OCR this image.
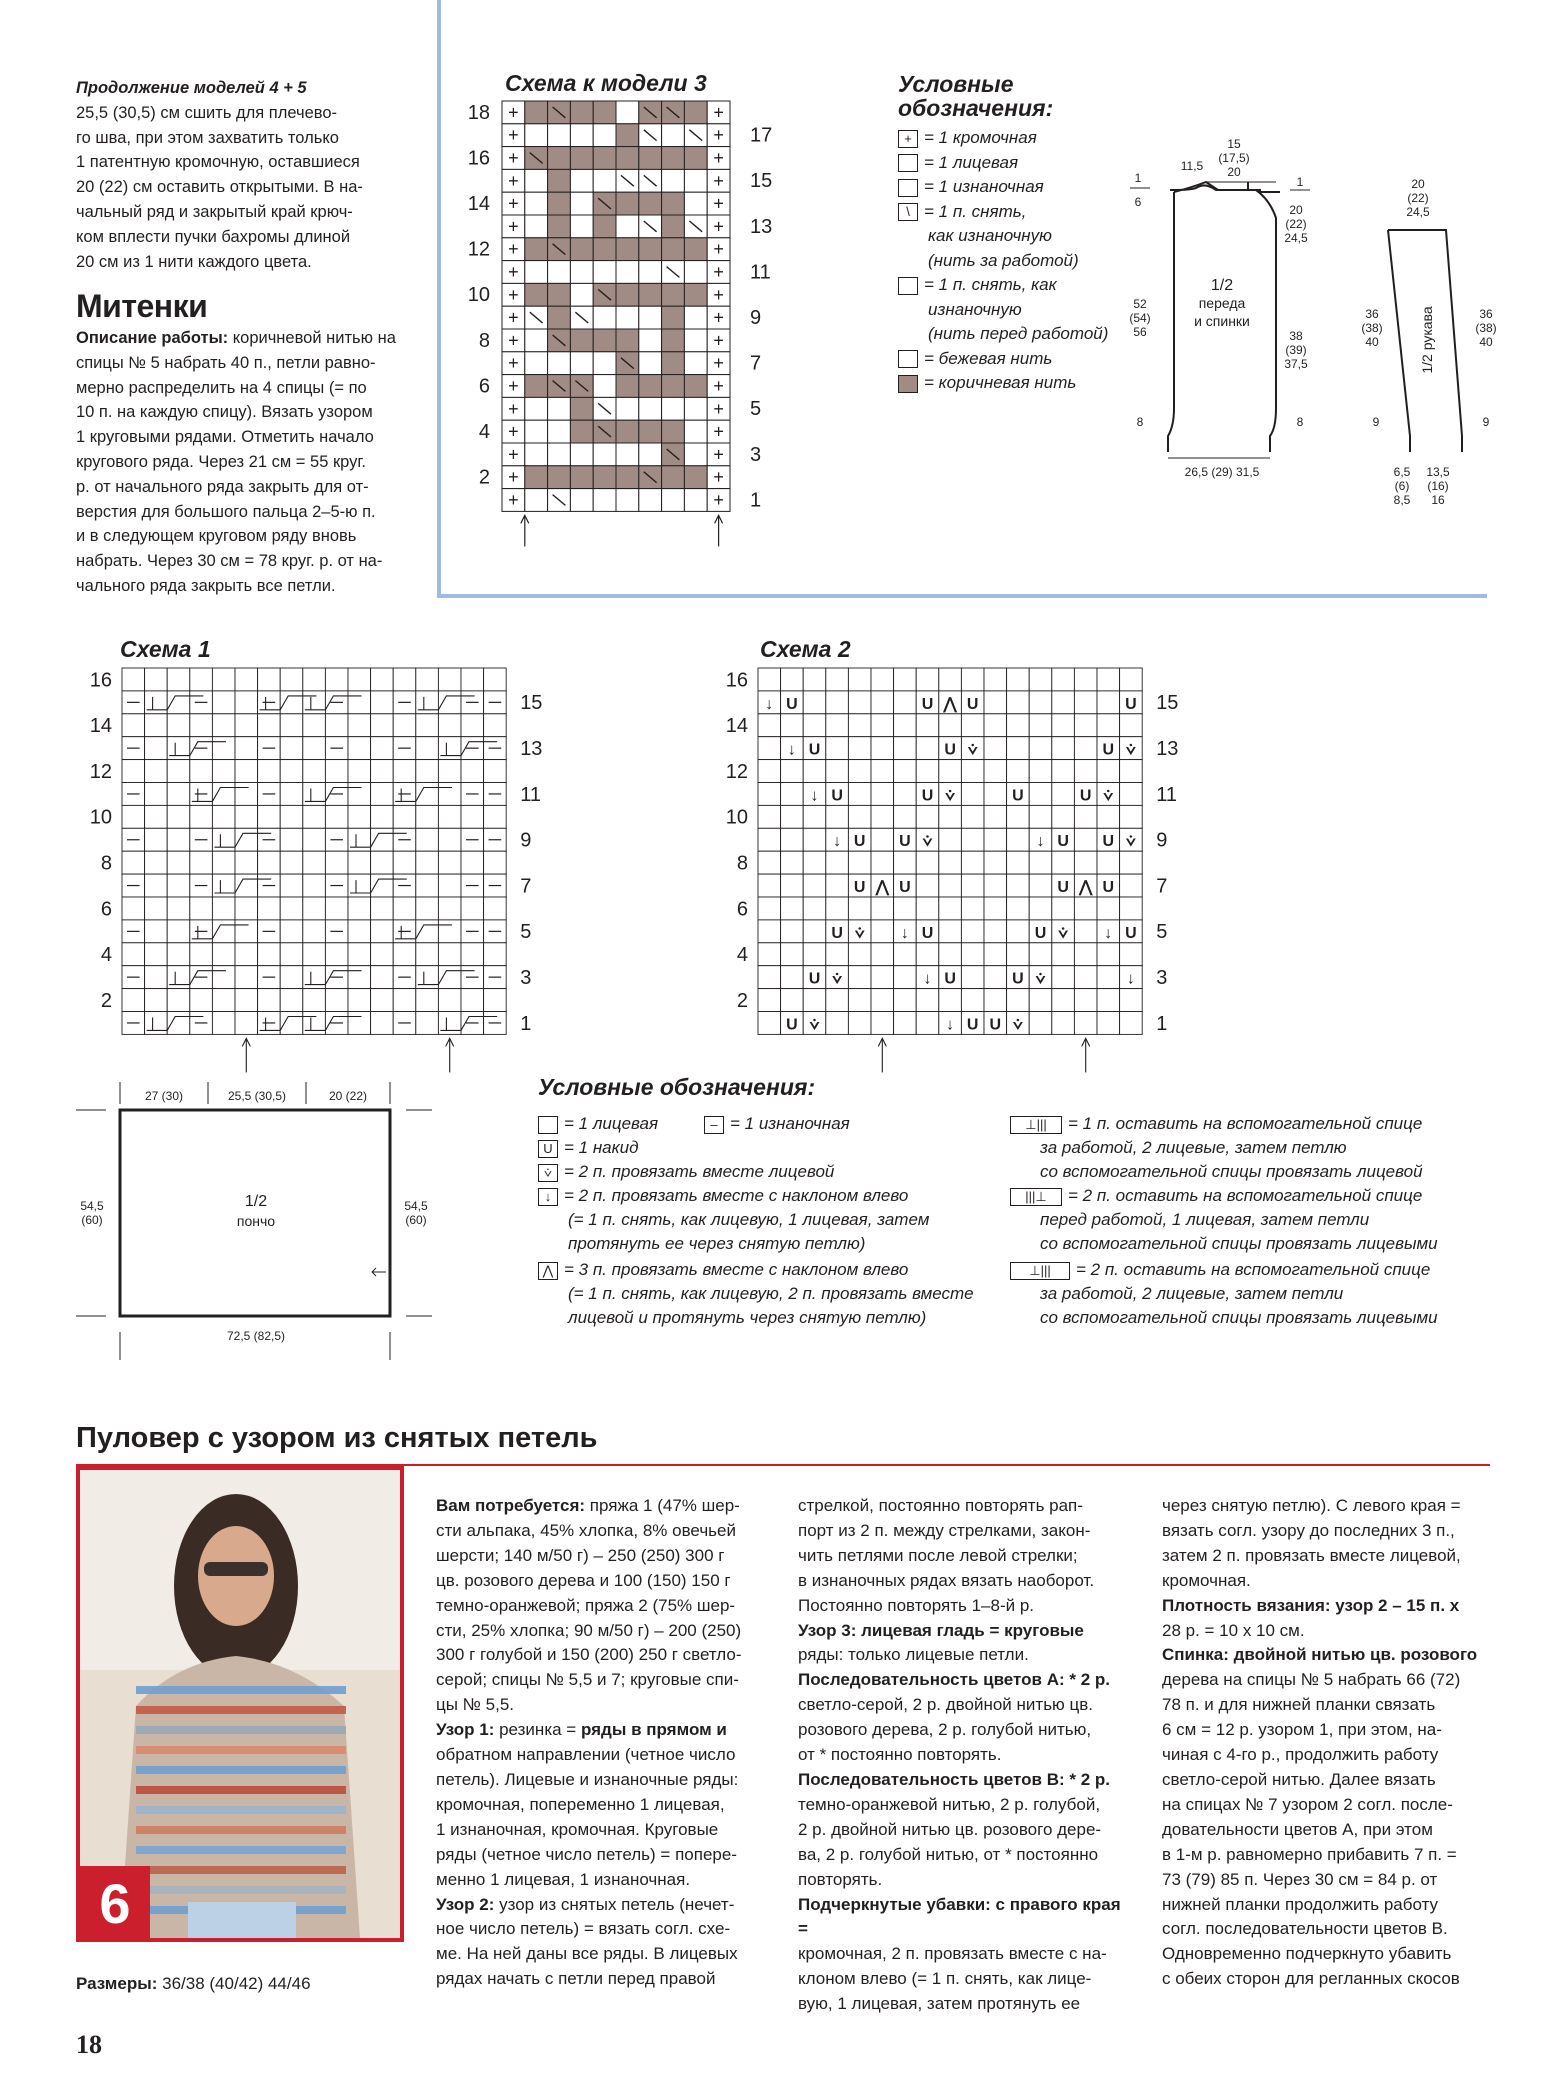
Продолжение моделей 4 + 5

25,5 (30,5) см сшить для плечево-
го шва, при этом захватить только
1 патентную кромочную, оставшиеся
20 (22) см оставить открытыми. В на-
чальный ряд и закрытый край крюч-
ком вплести пучки бахромы длиной
20 см из 1 нити каждого цвета.
Митенки
Описание работы: коричневой нитью на
спицы № 5 набрать 40 п., петли равно-
мерно распределить на 4 спицы (= по
10 п. на каждую спицу). Вязать узором
1 круговыми рядами. Отметить начало
кругового ряда. Через 21 см = 55 круг.
р. от начального ряда закрыть для от-
верстия для большого пальца 2–5-ю п.
и в следующем круговом ряду вновь
набрать. Через 30 см = 78 круг. р. от на-
чального ряда закрыть все петли.
Схема к модели 3
+	+
+	+
+	+
+	+
+	+
+	+
+	+
+	+
+	+
+	+
+	+
+	+
+	+
+	+
+	+
+	+
+	+
+	+
18
16
14
12
10
8
6
4
2
17
15
13
11
9
7
5
3
1
Условные
обозначения:
+ = 1 кромочная
= 1 лицевая
= 1 изнаночная
\ = 1 п. снять,
как изнаночную
(нить за работой)
= 1 п. снять, как
изнаночную
(нить перед работой)
= бежевая нить
= коричневая нить
15
(17,5)
20
11,5
1
6
1
20
(22)
24,5
1/2
переда
и спинки
52
(54)
56	38
(39)
37,5
8	8
26,5 (29) 31,5
20
(22)
24,5
1/2 рукава
36
(38)
40
36
(38)
40
9	9
6,5
(6)
8,5
13,5
(16)
16
Схема 1
16
14
12
10
8
6
4
2
15
13
11
9
7
5
3
1
Схема 2
↓ U	U ⋀ U	U
↓ U	U ⩒	U ⩒
↓ U	U ⩒	U	U ⩒
↓ U U ⩒	↓ U U ⩒
U ⋀ U	U ⋀ U
U ⩒ ↓ U	U ⩒ ↓ U
U ⩒	↓ U	U ⩒	↓
U ⩒	↓ U U ⩒
16
14
12
10
8
6
4
2
15
13
11
9
7
5
3
1
27 (30)	25,5 (30,5)	20 (22)
54,5
(60)
54,5
(60)
1/2
пончо
72,5 (82,5)
Условные обозначения:
= 1 лицевая	– = 1 изнаночная
U = 1 накид
⩒ = 2 п. провязать вместе лицевой
↓ = 2 п. провязать вместе с наклоном влево
(= 1 п. снять, как лицевую, 1 лицевая, затем
протянуть ее через снятую петлю)
⋀ = 3 п. провязать вместе с наклоном влево
(= 1 п. снять, как лицевую, 2 п. провязать вместе
лицевой и протянуть через снятую петлю)
⊥||| = 1 п. оставить на вспомогательной спице
за работой, 2 лицевые, затем петлю
со вспомогательной спицы провязать лицевой
|||⊥ = 2 п. оставить на вспомогательной спице
перед работой, 1 лицевая, затем петли
со вспомогательной спицы провязать лицевыми
⊥||| = 2 п. оставить на вспомогательной спице
за работой, 2 лицевые, затем петли
со вспомогательной спицы провязать лицевыми
Пуловер с узором из снятых петель
6
Размеры: 36/38 (40/42) 44/46
Вам потребуется: пряжа 1 (47% шер-
сти альпака, 45% хлопка, 8% овечьей
шерсти; 140 м/50 г) – 250 (250) 300 г
цв. розового дерева и 100 (150) 150 г
темно-оранжевой; пряжа 2 (75% шер-
сти, 25% хлопка; 90 м/50 г) – 200 (250)
300 г голубой и 150 (200) 250 г светло-
серой; спицы № 5,5 и 7; круговые спи-
цы № 5,5.
Узор 1: резинка = ряды в прямом и
обратном направлении (четное число
петель). Лицевые и изнаночные ряды:
кромочная, попеременно 1 лицевая,
1 изнаночная, кромочная. Круговые
ряды (четное число петель) = попере-
менно 1 лицевая, 1 изнаночная.
Узор 2: узор из снятых петель (нечет-
ное число петель) = вязать согл. схе-
ме. На ней даны все ряды. В лицевых
рядах начать с петли перед правой
стрелкой, постоянно повторять рап-
порт из 2 п. между стрелками, закон-
чить петлями после левой стрелки;
в изнаночных рядах вязать наоборот.
Постоянно повторять 1–8-й р.
Узор 3: лицевая гладь = круговые
ряды: только лицевые петли.
Последовательность цветов А: * 2 р.
светло-серой, 2 р. двойной нитью цв.
розового дерева, 2 р. голубой нитью,
от * постоянно повторять.
Последовательность цветов В: * 2 р.
темно-оранжевой нитью, 2 р. голубой,
2 р. двойной нитью цв. розового дере-
ва, 2 р. голубой нитью, от * постоянно
повторять.
Подчеркнутые убавки: с правого края =
кромочная, 2 п. провязать вместе с на-
клоном влево (= 1 п. снять, как лице-
вую, 1 лицевая, затем протянуть ее
через снятую петлю). С левого края =
вязать согл. узору до последних 3 п.,
затем 2 п. провязать вместе лицевой,
кромочная.
Плотность вязания: узор 2 – 15 п. х
28 р. = 10 х 10 см.
Спинка: двойной нитью цв. розового
дерева на спицы № 5 набрать 66 (72)
78 п. и для нижней планки связать
6 см = 12 р. узором 1, при этом, на-
чиная с 4-го р., продолжить работу
светло-серой нитью. Далее вязать
на спицах № 7 узором 2 согл. после-
довательности цветов А, при этом
в 1-м р. равномерно прибавить 7 п. =
73 (79) 85 п. Через 30 см = 84 р. от
нижней планки продолжить работу
согл. последовательности цветов В.
Одновременно подчеркнуто убавить
с обеих сторон для регланных скосов
18
